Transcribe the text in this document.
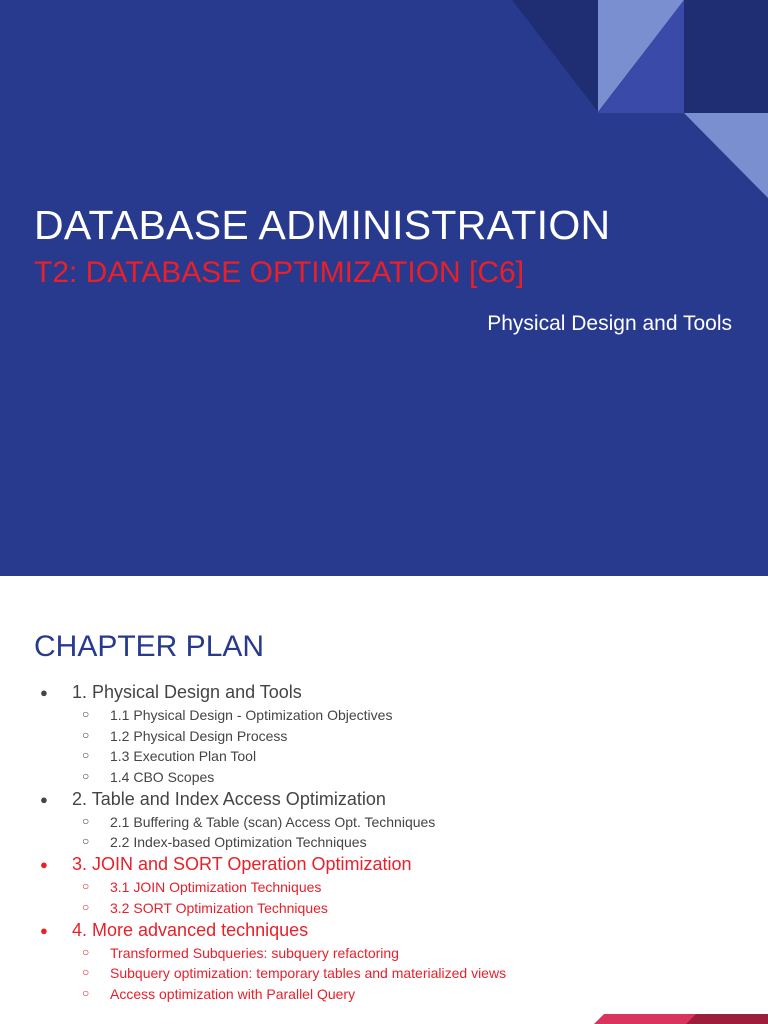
DATABASE ADMINISTRATION
T2: DATABASE OPTIMIZATION [C6]
Physical Design and Tools
CHAPTER PLAN
● 1. Physical Design and Tools
○ 1.1 Physical Design - Optimization Objectives
○ 1.2 Physical Design Process
○ 1.3 Execution Plan Tool
○ 1.4 CBO Scopes
● 2. Table and Index Access Optimization
○ 2.1 Buffering & Table (scan) Access Opt. Techniques
○ 2.2 Index-based Optimization Techniques
● 3. JOIN and SORT Operation Optimization
○ 3.1 JOIN Optimization Techniques
○ 3.2 SORT Optimization Techniques
● 4. More advanced techniques
○ Transformed Subqueries: subquery refactoring
○ Subquery optimization: temporary tables and materialized views
○ Access optimization with Parallel Query
